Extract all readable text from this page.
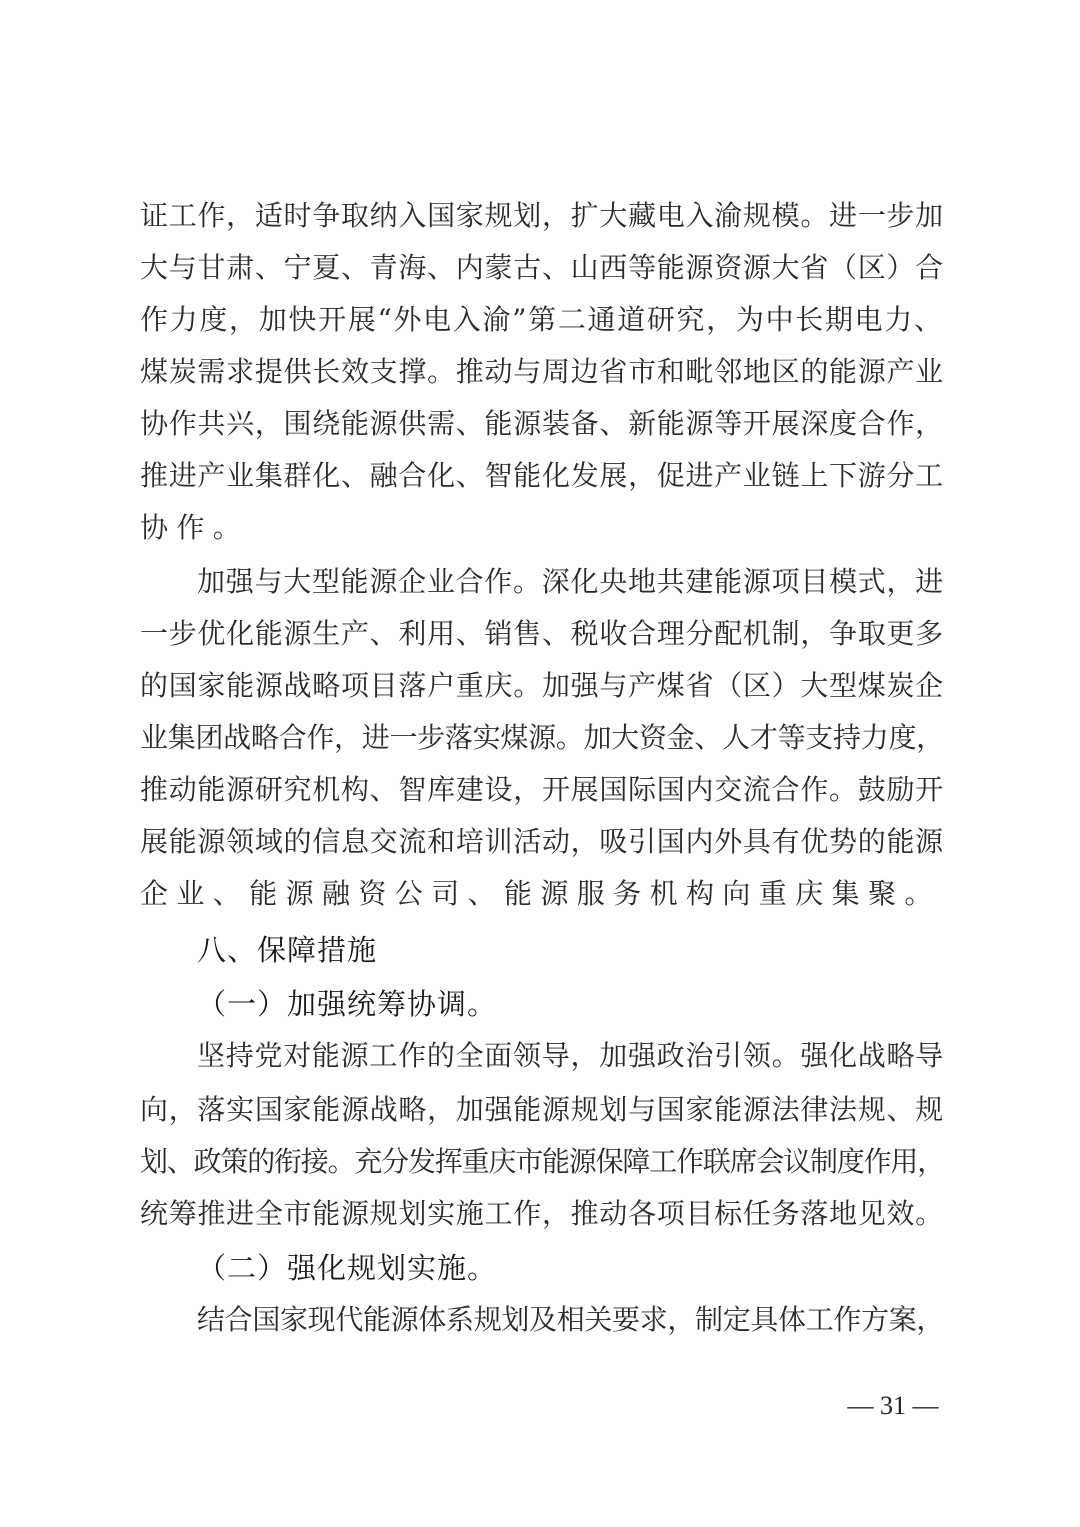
证工作，适时争取纳入国家规划，扩大藏电入渝规模。进一步加
大与甘肃、宁夏、青海、内蒙古、山西等能源资源大省（区）合
作力度，加快开展“外电入渝”第二通道研究，为中长期电力、
煤炭需求提供长效支撑。推动与周边省市和毗邻地区的能源产业
协作共兴，围绕能源供需、能源装备、新能源等开展深度合作，
推进产业集群化、融合化、智能化发展，促进产业链上下游分工
协作。
加强与大型能源企业合作。深化央地共建能源项目模式，进
一步优化能源生产、利用、销售、税收合理分配机制，争取更多
的国家能源战略项目落户重庆。加强与产煤省（区）大型煤炭企
业集团战略合作，进一步落实煤源。加大资金、人才等支持力度，
推动能源研究机构、智库建设，开展国际国内交流合作。鼓励开
展能源领域的信息交流和培训活动，吸引国内外具有优势的能源
企业、能源融资公司、能源服务机构向重庆集聚。
八、保障措施
（一）加强统筹协调。
坚持党对能源工作的全面领导，加强政治引领。强化战略导
向，落实国家能源战略，加强能源规划与国家能源法律法规、规
划、政策的衔接。充分发挥重庆市能源保障工作联席会议制度作用，
统筹推进全市能源规划实施工作，推动各项目标任务落地见效。
（二）强化规划实施。
结合国家现代能源体系规划及相关要求，制定具体工作方案，
— 31 —
